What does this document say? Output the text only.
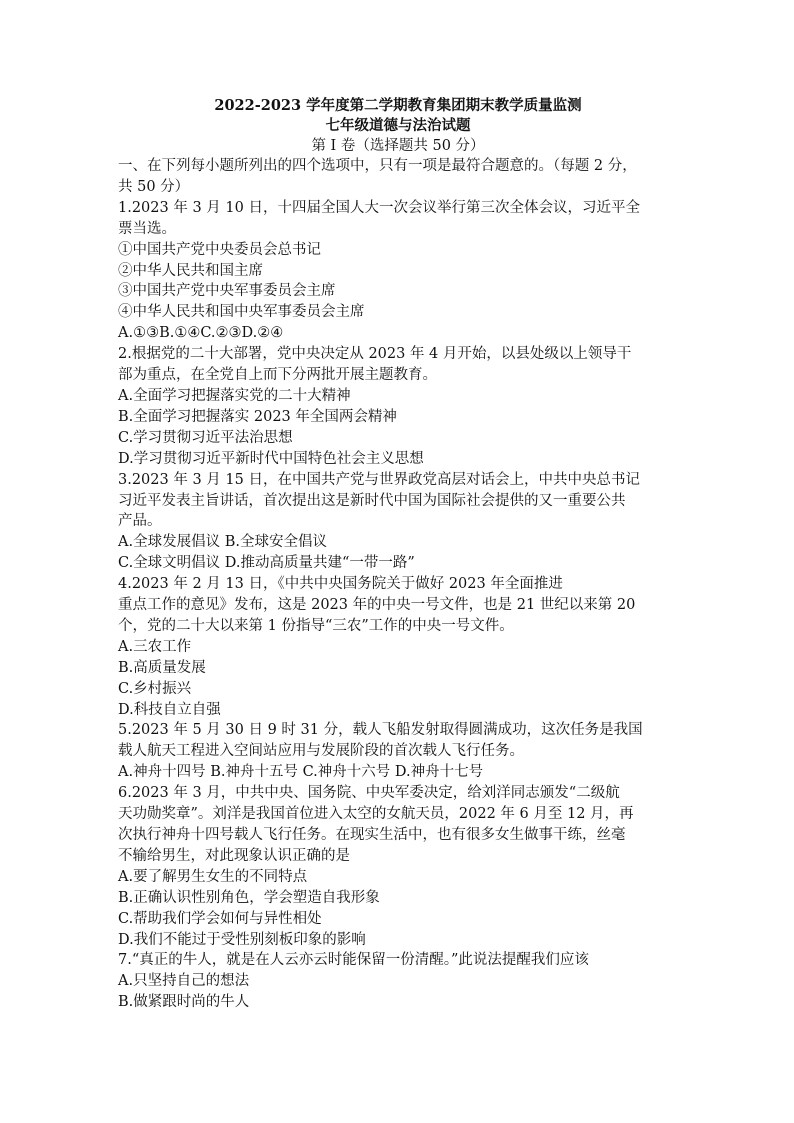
2022-2023 学年度第二学期教育集团期末教学质量监测

七年级道德与法治试题

第 I 卷（选择题共 50 分）

一、在下列每小题所列出的四个选项中，只有一项是最符合题意的。（每题 2 分，

共 50 分）

1.2023 年 3 月 10 日，十四届全国人大一次会议举行第三次全体会议，习近平全

票当选。

①中国共产党中央委员会总书记

②中华人民共和国主席

③中国共产党中央军事委员会主席

④中华人民共和国中央军事委员会主席

A.①③B.①④C.②③D.②④

2.根据党的二十大部署，党中央决定从 2023 年 4 月开始，以县处级以上领导干

部为重点，在全党自上而下分两批开展主题教育。

A.全面学习把握落实党的二十大精神

B.全面学习把握落实 2023 年全国两会精神

C.学习贯彻习近平法治思想

D.学习贯彻习近平新时代中国特色社会主义思想

3.2023 年 3 月 15 日，在中国共产党与世界政党高层对话会上，中共中央总书记

习近平发表主旨讲话，首次提出这是新时代中国为国际社会提供的又一重要公共

产品。

A.全球发展倡议 B.全球安全倡议

C.全球文明倡议 D.推动高质量共建“一带一路”

4.2023 年 2 月 13 日，《中共中央国务院关于做好 2023 年全面推进

重点工作的意见》发布，这是 2023 年的中央一号文件，也是 21 世纪以来第 20

个，党的二十大以来第 1 份指导“三农”工作的中央一号文件。

A.三农工作

B.高质量发展

C.乡村振兴

D.科技自立自强

5.2023 年 5 月 30 日 9 时 31 分，载人飞船发射取得圆满成功，这次任务是我国

载人航天工程进入空间站应用与发展阶段的首次载人飞行任务。

A.神舟十四号 B.神舟十五号 C.神舟十六号 D.神舟十七号

6.2023 年 3 月，中共中央、国务院、中央军委决定，给刘洋同志颁发“二级航

天功勋奖章”。刘洋是我国首位进入太空的女航天员，2022 年 6 月至 12 月，再

次执行神舟十四号载人飞行任务。在现实生活中，也有很多女生做事干练，丝毫

不输给男生，对此现象认识正确的是

A.要了解男生女生的不同特点

B.正确认识性别角色，学会塑造自我形象

C.帮助我们学会如何与异性相处

D.我们不能过于受性别刻板印象的影响

7.“真正的牛人，就是在人云亦云时能保留一份清醒。”此说法提醒我们应该

A.只坚持自己的想法

B.做紧跟时尚的牛人
